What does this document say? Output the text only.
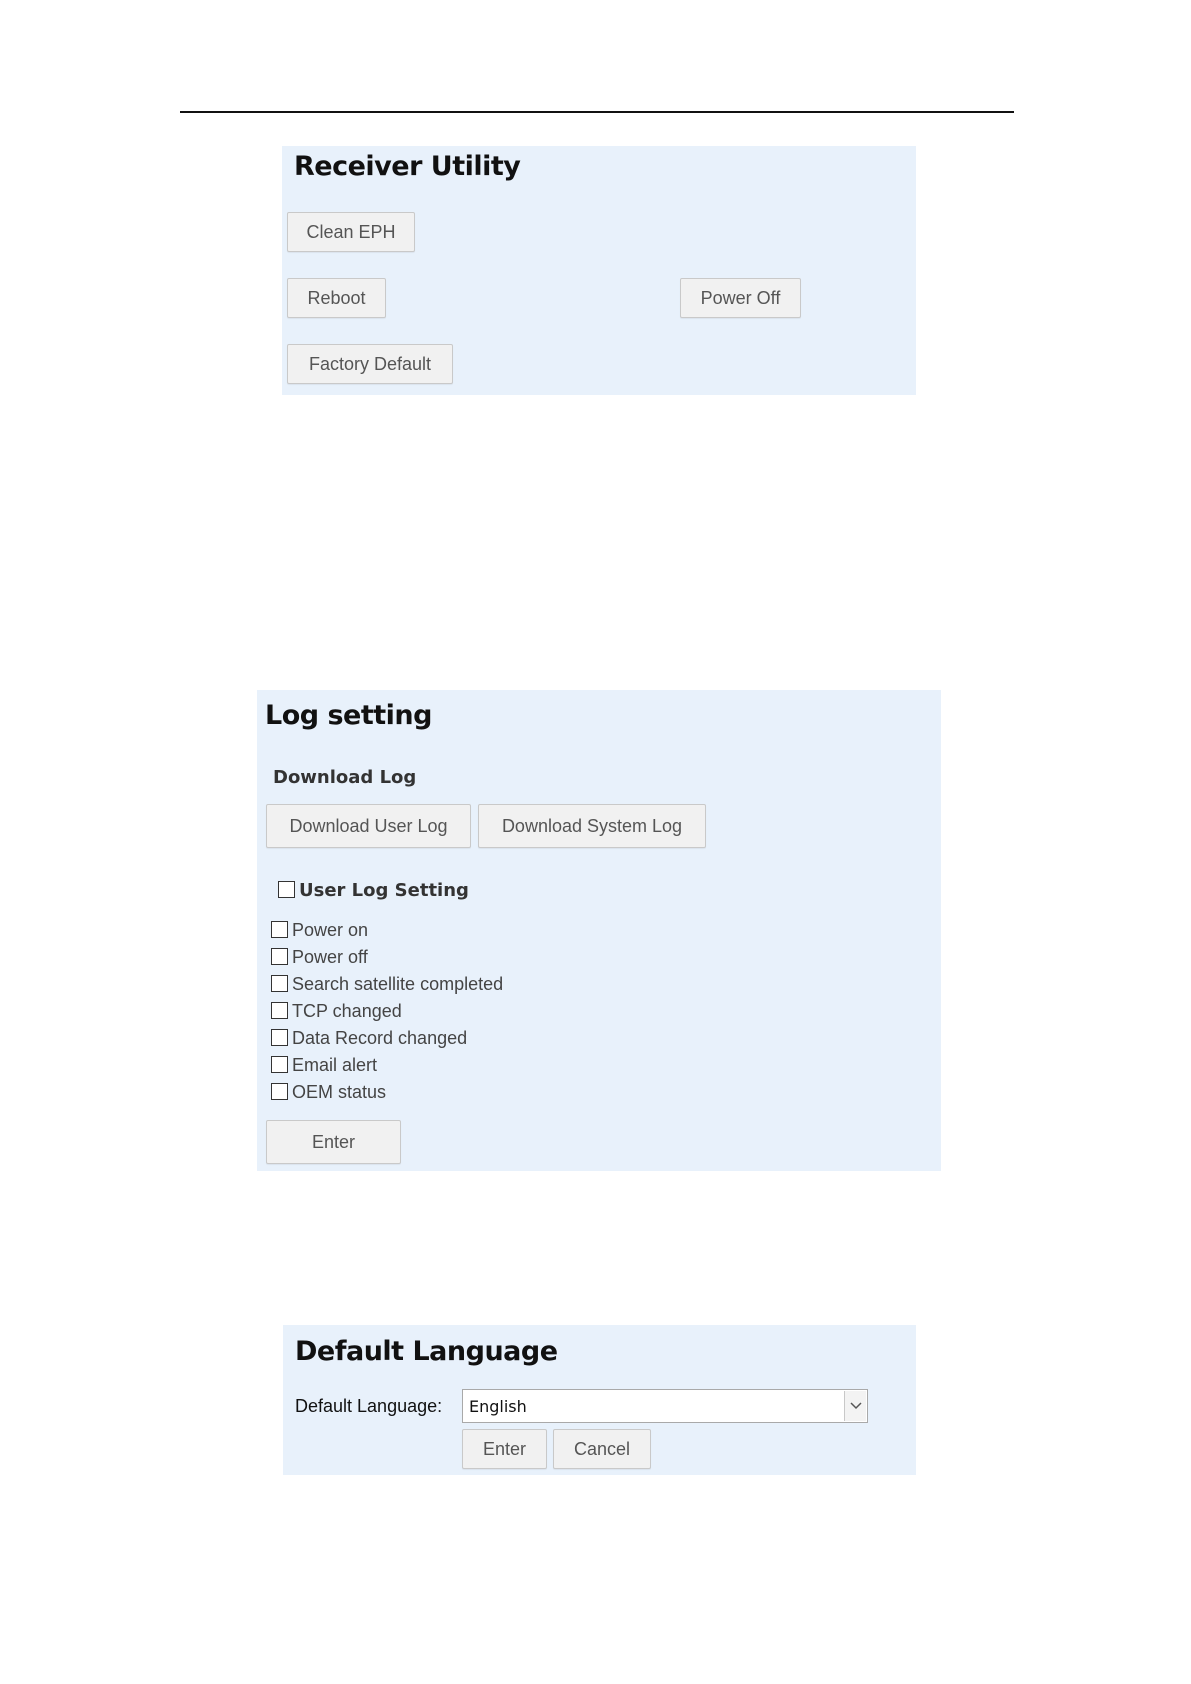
Receiver Utility
Clean EPH
Reboot	Power Off
Factory Default
Log setting
Download Log
Download User Log	Download System Log
User Log Setting
Power on
Power off
Search satellite completed
TCP changed
Data Record changed
Email alert
OEM status
Enter
Default Language
Default Language: English
Enter	Cancel
